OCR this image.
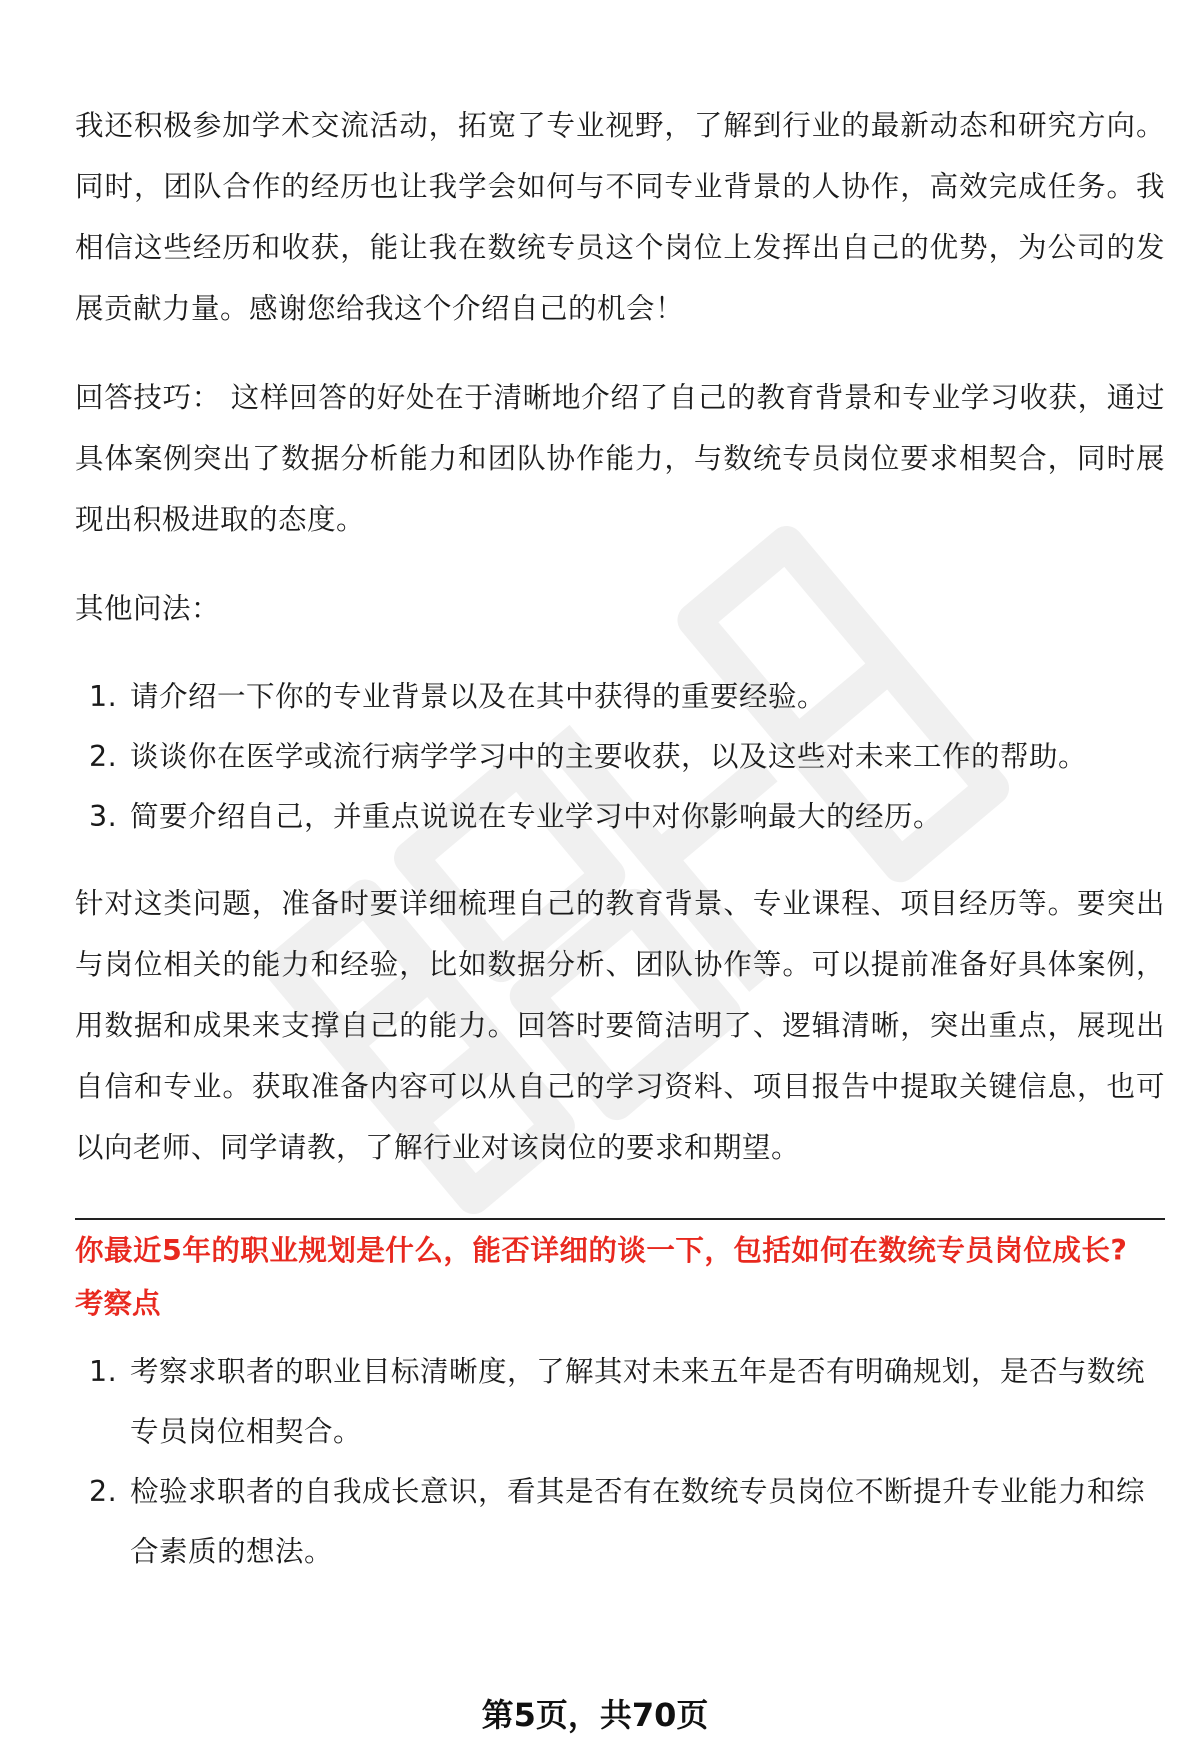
我还积极参加学术交流活动，拓宽了专业视野，了解到行业的最新动态和研究方向。同时，团队合作的经历也让我学会如何与不同专业背景的人协作，高效完成任务。我相信这些经历和收获，能让我在数统专员这个岗位上发挥出自己的优势，为公司的发展贡献力量。感谢您给我这个介绍自己的机会！

回答技巧： 这样回答的好处在于清晰地介绍了自己的教育背景和专业学习收获，通过具体案例突出了数据分析能力和团队协作能力，与数统专员岗位要求相契合，同时展现出积极进取的态度。

其他问法：

1. 请介绍一下你的专业背景以及在其中获得的重要经验。
2. 谈谈你在医学或流行病学学习中的主要收获，以及这些对未来工作的帮助。
3. 简要介绍自己，并重点说说在专业学习中对你影响最大的经历。

针对这类问题，准备时要详细梳理自己的教育背景、专业课程、项目经历等。要突出与岗位相关的能力和经验，比如数据分析、团队协作等。可以提前准备好具体案例，用数据和成果来支撑自己的能力。回答时要简洁明了、逻辑清晰，突出重点，展现出自信和专业。获取准备内容可以从自己的学习资料、项目报告中提取关键信息，也可以向老师、同学请教，了解行业对该岗位的要求和期望。

你最近5年的职业规划是什么，能否详细的谈一下，包括如何在数统专员岗位成长?

考察点

1. 考察求职者的职业目标清晰度，了解其对未来五年是否有明确规划，是否与数统专员岗位相契合。
2. 检验求职者的自我成长意识，看其是否有在数统专员岗位不断提升专业能力和综合素质的想法。
第5页，共70页
